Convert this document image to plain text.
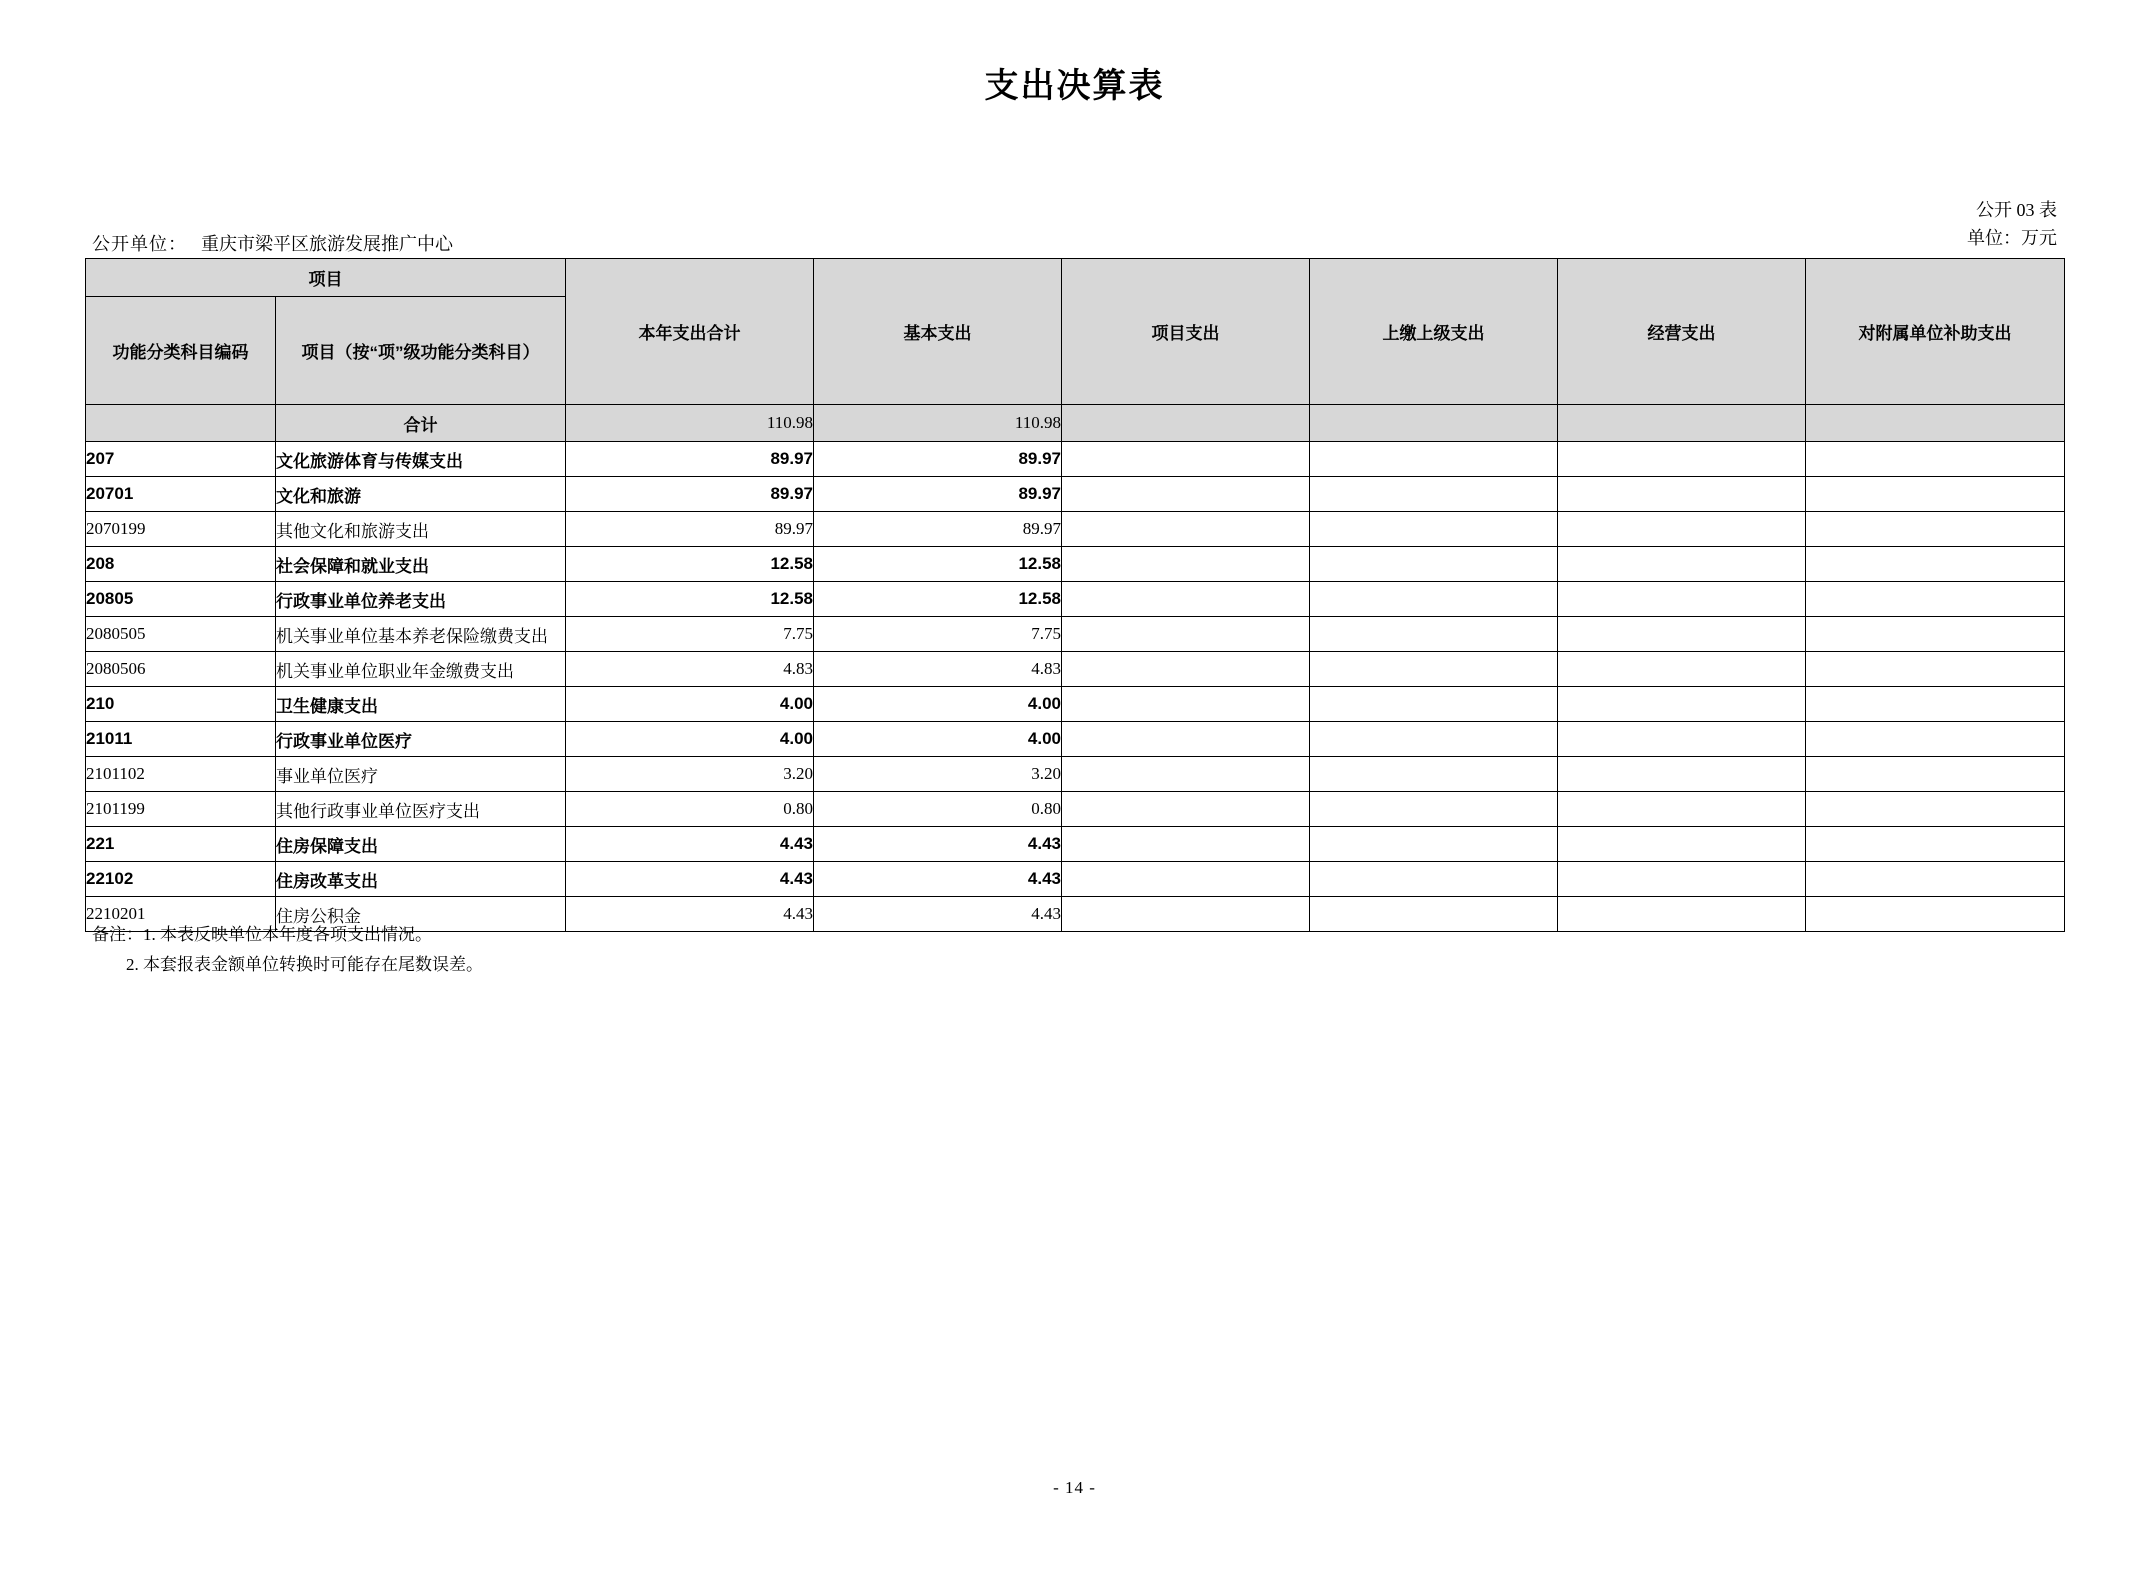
支出决算表
公开 03 表
单位：万元
公开单位： 重庆市梁平区旅游发展推广中心
项目		本年支出合计	基本支出	项目支出	上缴上级支出	经营支出	对附属单位补助支出
功能分类科目编码	项目（按“项”级功能分类科目）						
	合计	110.98	110.98				
207	文化旅游体育与传媒支出	89.97	89.97				
20701	文化和旅游	89.97	89.97				
2070199	其他文化和旅游支出	89.97	89.97				
208	社会保障和就业支出	12.58	12.58				
20805	行政事业单位养老支出	12.58	12.58				
2080505	机关事业单位基本养老保险缴费支出	7.75	7.75				
2080506	机关事业单位职业年金缴费支出	4.83	4.83				
210	卫生健康支出	4.00	4.00				
21011	行政事业单位医疗	4.00	4.00				
2101102	事业单位医疗	3.20	3.20				
2101199	其他行政事业单位医疗支出	0.80	0.80				
221	住房保障支出	4.43	4.43				
22102	住房改革支出	4.43	4.43				
2210201	住房公积金	4.43	4.43				
备注：1. 本表反映单位本年度各项支出情况。
2. 本套报表金额单位转换时可能存在尾数误差。
- 14 -
